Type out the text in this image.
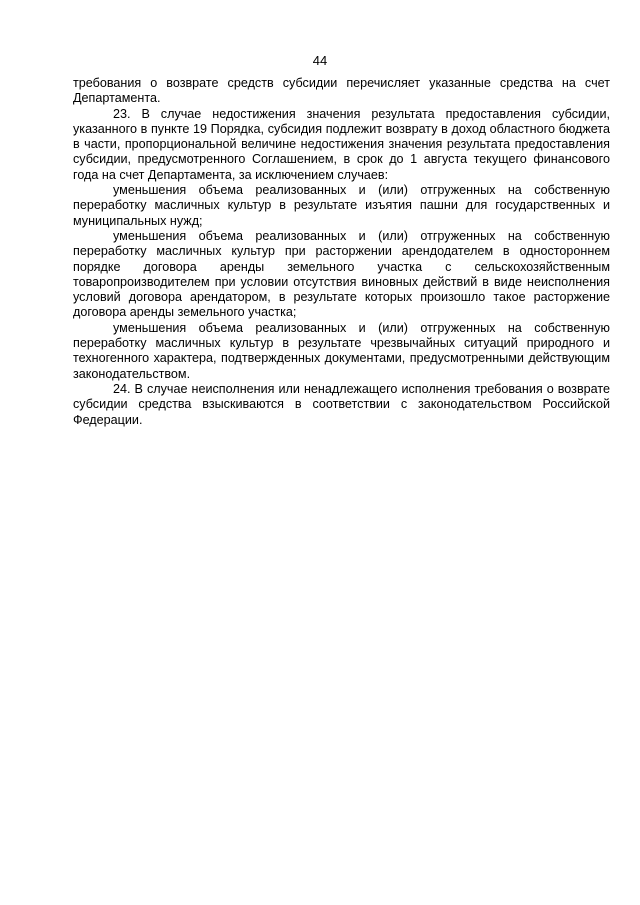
44

требования о возврате средств субсидии перечисляет указанные средства на счет Департамента.

23. В случае недостижения значения результата предоставления субсидии, указанного в пункте 19 Порядка, субсидия подлежит возврату в доход областного бюджета в части, пропорциональной величине недостижения значения результата предоставления субсидии, предусмотренного Соглашением, в срок до 1 августа текущего финансового года на счет Департамента, за исключением случаев:

уменьшения объема реализованных и (или) отгруженных на собственную переработку масличных культур в результате изъятия пашни для государственных и муниципальных нужд;

уменьшения объема реализованных и (или) отгруженных на собственную переработку масличных культур при расторжении арендодателем в одностороннем порядке договора аренды земельного участка с сельскохозяйственным товаропроизводителем при условии отсутствия виновных действий в виде неисполнения условий договора арендатором, в результате которых произошло такое расторжение договора аренды земельного участка;

уменьшения объема реализованных и (или) отгруженных на собственную переработку масличных культур в результате чрезвычайных ситуаций природного и техногенного характера, подтвержденных документами, предусмотренными действующим законодательством.

24. В случае неисполнения или ненадлежащего исполнения требования о возврате субсидии средства взыскиваются в соответствии с законодательством Российской Федерации.
